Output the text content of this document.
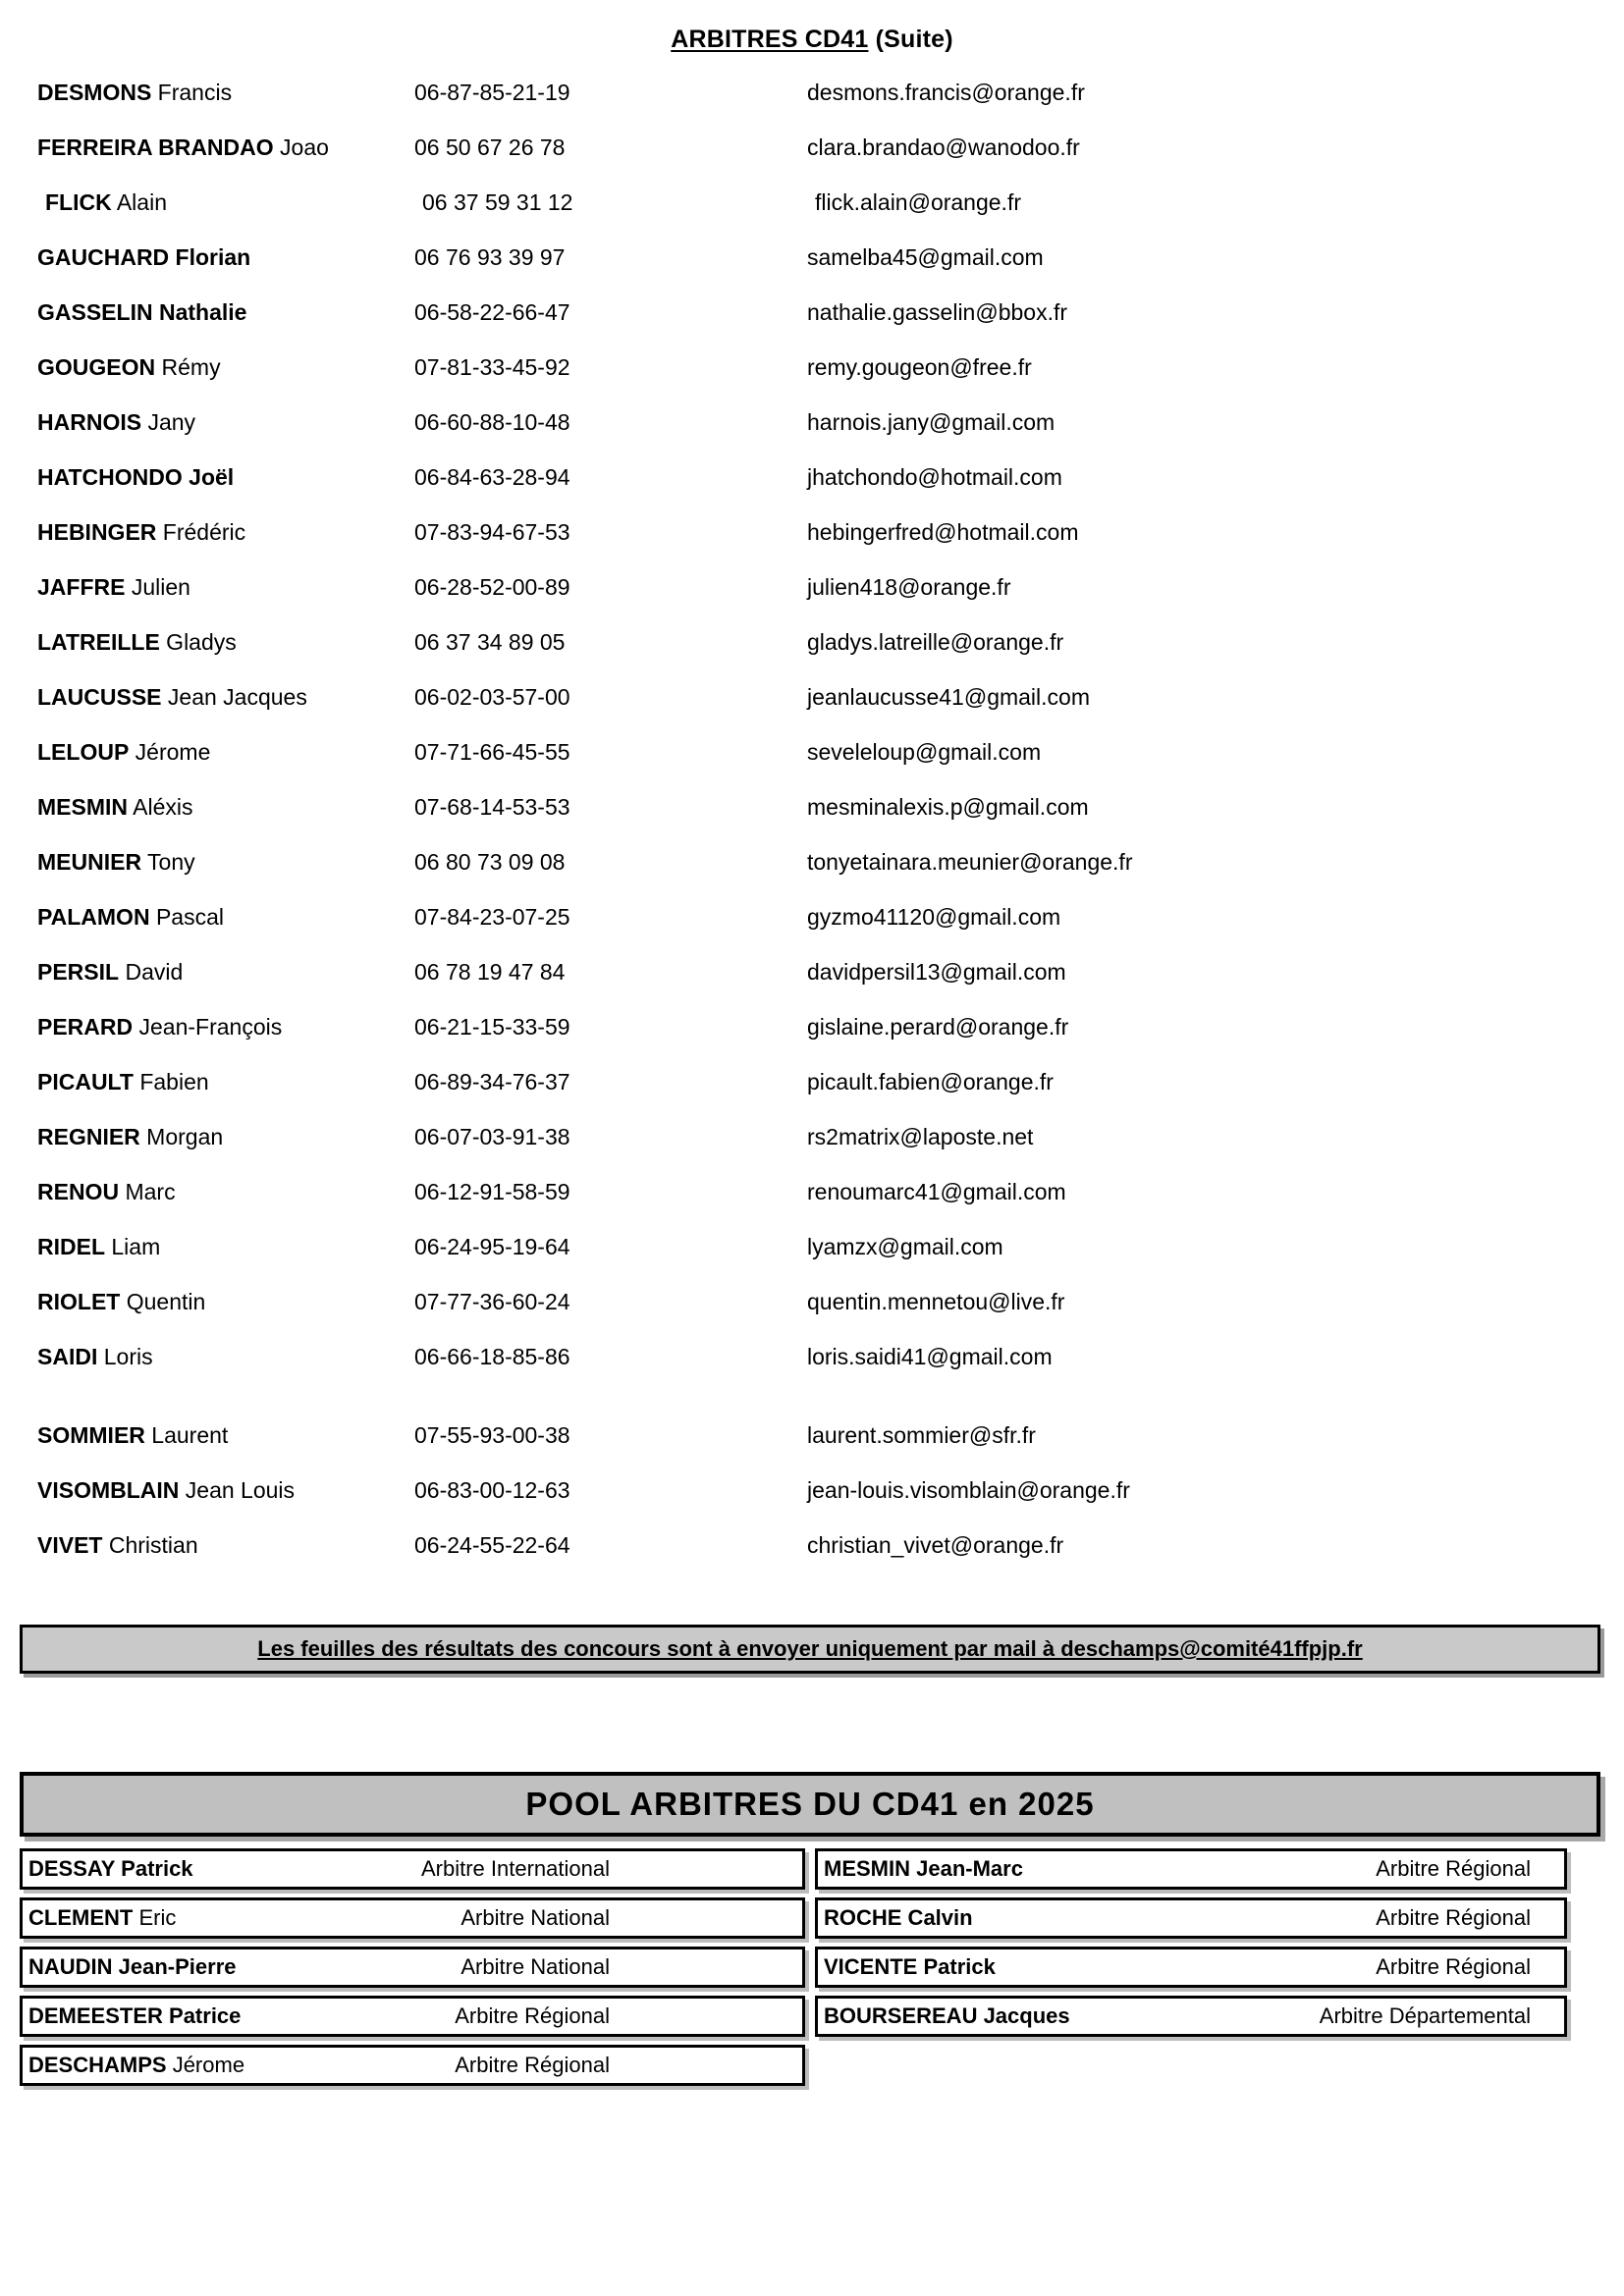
ARBITRES CD41 (Suite)
DESMONS Francis	06-87-85-21-19	desmons.francis@orange.fr
FERREIRA BRANDAO Joao	06 50 67 26 78	clara.brandao@wanodoo.fr
FLICK Alain	06 37 59 31 12	flick.alain@orange.fr
GAUCHARD Florian	06 76 93 39 97	samelba45@gmail.com
GASSELIN Nathalie	06-58-22-66-47	nathalie.gasselin@bbox.fr
GOUGEON Rémy	07-81-33-45-92	remy.gougeon@free.fr
HARNOIS Jany	06-60-88-10-48	harnois.jany@gmail.com
HATCHONDO Joël	06-84-63-28-94	jhatchondo@hotmail.com
HEBINGER Frédéric	07-83-94-67-53	hebingerfred@hotmail.com
JAFFRE Julien	06-28-52-00-89	julien418@orange.fr
LATREILLE Gladys	06 37 34 89 05	gladys.latreille@orange.fr
LAUCUSSE Jean Jacques	06-02-03-57-00	jeanlaucusse41@gmail.com
LELOUP Jérome	07-71-66-45-55	seveleloup@gmail.com
MESMIN Aléxis	07-68-14-53-53	mesminalexis.p@gmail.com
MEUNIER Tony	06 80 73 09 08	tonyetainara.meunier@orange.fr
PALAMON Pascal	07-84-23-07-25	gyzmo41120@gmail.com
PERSIL David	06 78 19 47 84	davidpersil13@gmail.com
PERARD Jean-François	06-21-15-33-59	gislaine.perard@orange.fr
PICAULT Fabien	06-89-34-76-37	picault.fabien@orange.fr
REGNIER Morgan	06-07-03-91-38	rs2matrix@laposte.net
RENOU Marc	06-12-91-58-59	renoumarc41@gmail.com
RIDEL Liam	06-24-95-19-64	lyamzx@gmail.com
RIOLET Quentin	07-77-36-60-24	quentin.mennetou@live.fr
SAIDI Loris	06-66-18-85-86	loris.saidi41@gmail.com
SOMMIER Laurent	07-55-93-00-38	laurent.sommier@sfr.fr
VISOMBLAIN Jean Louis	06-83-00-12-63	jean-louis.visomblain@orange.fr
VIVET Christian	06-24-55-22-64	christian_vivet@orange.fr
Les feuilles des résultats des concours sont à envoyer uniquement par mail à deschamps@comité41ffpjp.fr
POOL ARBITRES DU CD41 en 2025
DESSAY Patrick	Arbitre International	MESMIN Jean-Marc	Arbitre Régional
CLEMENT Eric	Arbitre National	ROCHE Calvin	Arbitre Régional
NAUDIN Jean-Pierre	Arbitre National	VICENTE Patrick	Arbitre Régional
DEMEESTER Patrice	Arbitre Régional	BOURSEREAU Jacques	Arbitre Départemental
DESCHAMPS Jérome	Arbitre Régional
